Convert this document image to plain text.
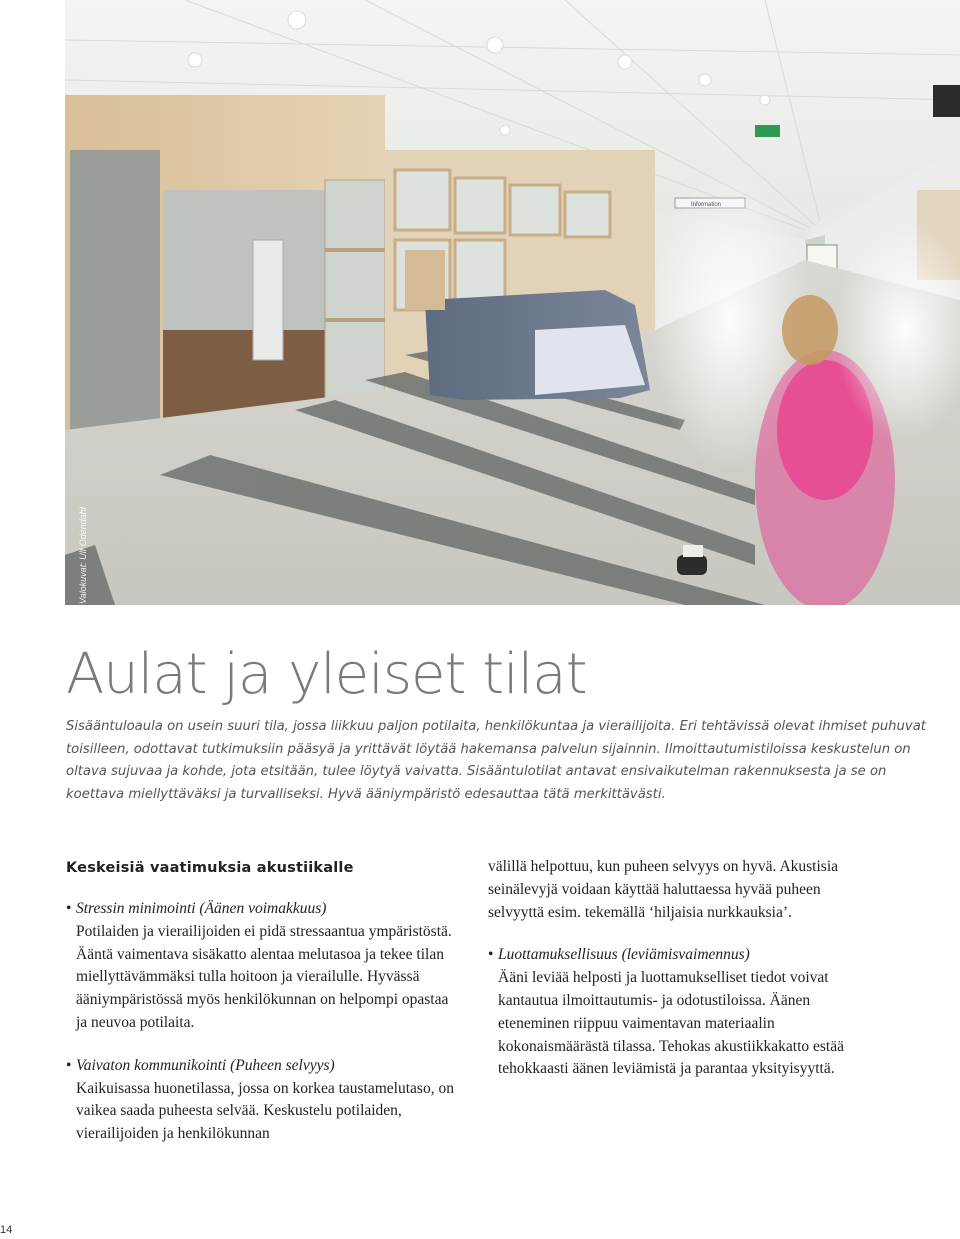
Valokuvat: Ulf Odendahl
Aulat ja yleiset tilat

Sisääntuloaula on usein suuri tila, jossa liikkuu paljon potilaita, henkilökuntaa ja vierailijoita. Eri tehtävissä olevat ihmiset puhuvat toisilleen, odottavat tutkimuksiin pääsyä ja yrittävät löytää hakemansa palvelun sijainnin. Ilmoittautumistiloissa keskustelun on oltava sujuvaa ja kohde, jota etsitään, tulee löytyä vaivatta. Sisääntulotilat antavat ensivaikutelman rakennuksesta ja se on koettava miellyttäväksi ja turvalliseksi. Hyvä ääniympäristö edesauttaa tätä merkittävästi.

Keskeisiä vaatimuksia akustiikalle
• Stressin minimointi (Äänen voimakkuus)

Potilaiden ja vierailijoiden ei pidä stressaantua ympäristöstä. Ääntä vaimentava sisäkatto alentaa melutasoa ja tekee tilan miellyttävämmäksi tulla hoitoon ja vierailulle. Hyvässä ääniympäristössä myös henkilökunnan on helpompi opastaa ja neuvoa potilaita.

• Vaivaton kommunikointi (Puheen selvyys)

Kaikuisassa huonetilassa, jossa on korkea taustamelutaso, on vaikea saada puheesta selvää. Keskustelu potilaiden, vierailijoiden ja henkilökunnan

välillä helpottuu, kun puheen selvyys on hyvä. Akustisia seinälevyjä voidaan käyttää haluttaessa hyvää puheen selvyyttä esim. tekemällä ‘hiljaisia nurkkauksia’.

• Luottamuksellisuus (leviämisvaimennus)

Ääni leviää helposti ja luottamukselliset tiedot voivat kantautua ilmoittautumis- ja odotustiloissa. Äänen eteneminen riippuu vaimentavan materiaalin kokonaismäärästä tilassa. Tehokas akustiikkakatto estää tehokkaasti äänen leviämistä ja parantaa yksityisyyttä.

14
